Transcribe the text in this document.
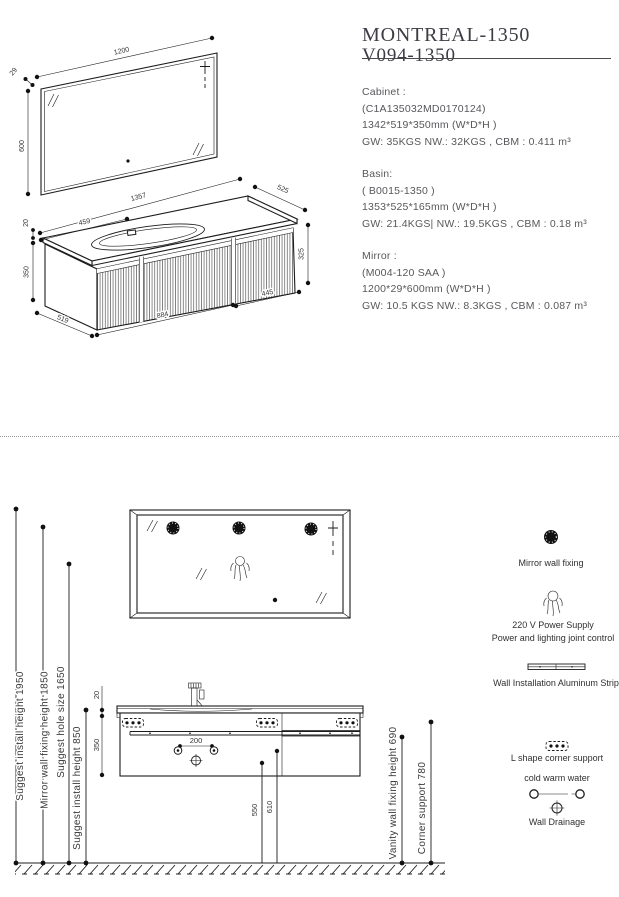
1200
29
600
1357
459
525
20
350
325
519	884
445
MONTREAL-1350
V094-1350
Cabinet :
(C1A135032MD0170124)
1342*519*350mm (W*D*H )
GW: 35KGS NW.: 32KGS , CBM : 0.411 m³
Basin:
( B0015-1350 )
1353*525*165mm (W*D*H )
GW: 21.4KGS| NW.: 19.5KGS , CBM : 0.18 m³
Mirror :
(M004-120 SAA )
1200*29*600mm (W*D*H )
GW: 10.5 KGS NW.: 8.3KGS , CBM : 0.087 m³
Suggest install height 1950 Mirror wall fixing height 1850 Suggest hole size 1650
Suggest install height 850
20
350	200
550 610	Vanity wall fixing height 690 Corner support 780
Mirror wall fixing
220 V Power Supply
Power and lighting joint control
Wall Installation Aluminum Strip
L shape corner support
cold warm water
Wall Drainage
